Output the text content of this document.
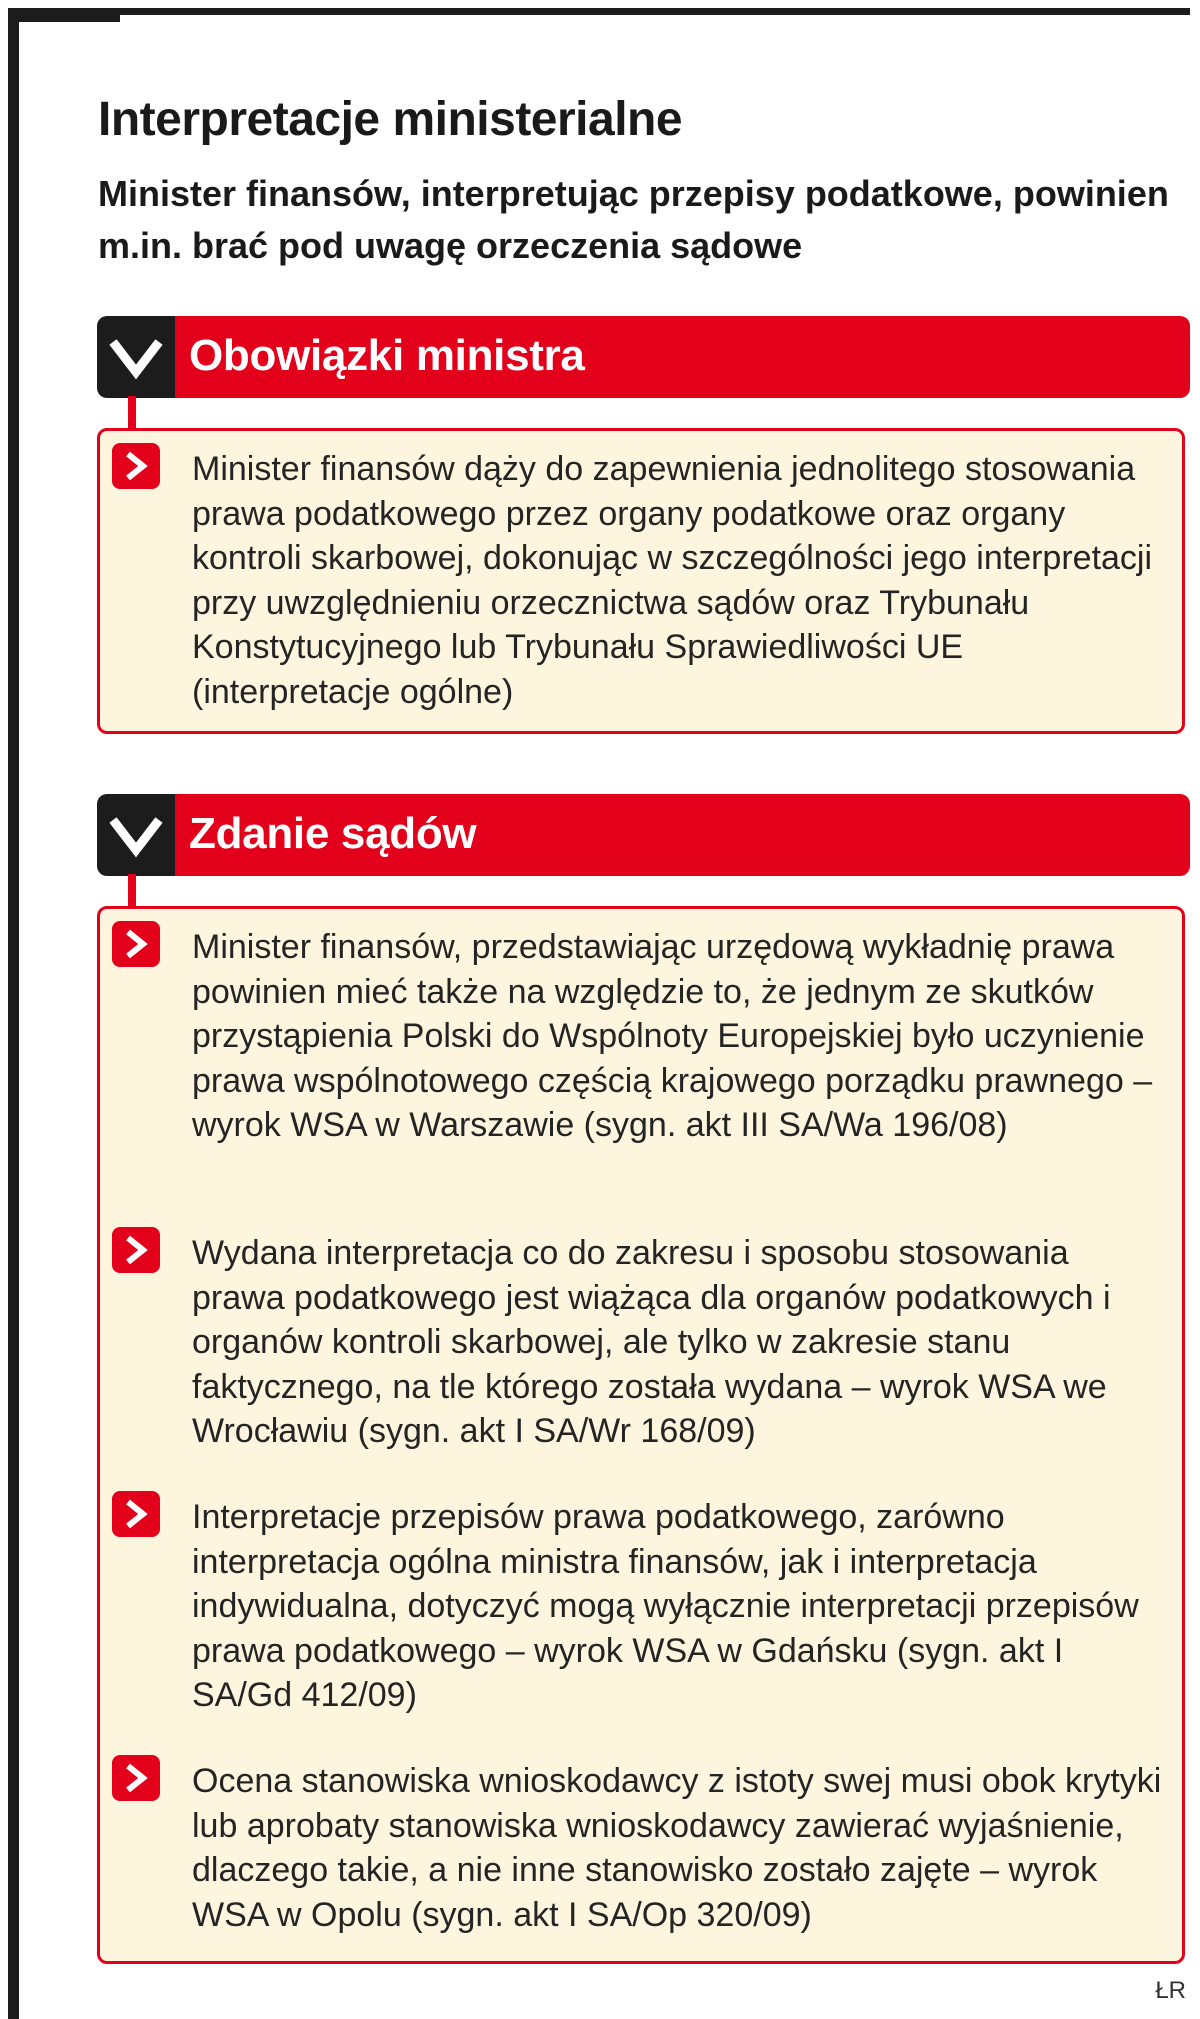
Interpretacje ministerialne

Minister finansów, interpretując przepisy podatkowe, powinien m.in. brać pod uwagę orzeczenia sądowe

Obowiązki ministra

Minister finansów dąży do zapewnienia jednolitego stosowania prawa podatkowego przez organy podatkowe oraz organy kontroli skarbowej, dokonując w szczególności jego interpretacji przy uwzględnieniu orzecznictwa sądów oraz Trybunału Konstytucyjnego lub Trybunału Sprawiedliwości UE (interpretacje ogólne)

Zdanie sądów

Minister finansów, przedstawiając urzędową wykładnię prawa powinien mieć także na względzie to, że jednym ze skutków przystąpienia Polski do Wspólnoty Europejskiej było uczynienie prawa wspólnotowego częścią krajowego porządku prawnego – wyrok WSA w Warszawie (sygn. akt III SA/Wa 196/08)

Wydana interpretacja co do zakresu i sposobu stosowania prawa podatkowego jest wiążąca dla organów podatkowych i organów kontroli skarbowej, ale tylko w zakresie stanu faktycznego, na tle którego została wydana – wyrok WSA we Wrocławiu (sygn. akt I SA/Wr 168/09)

Interpretacje przepisów prawa podatkowego, zarówno interpretacja ogólna ministra finansów, jak i interpretacja indywidualna, dotyczyć mogą wyłącznie interpretacji przepisów prawa podatkowego – wyrok WSA w Gdańsku (sygn. akt I SA/Gd 412/09)

Ocena stanowiska wnioskodawcy z istoty swej musi obok krytyki lub aprobaty stanowiska wnioskodawcy zawierać wyjaśnienie, dlaczego takie, a nie inne stanowisko zostało zajęte – wyrok WSA w Opolu (sygn. akt I SA/Op 320/09)

ŁR
